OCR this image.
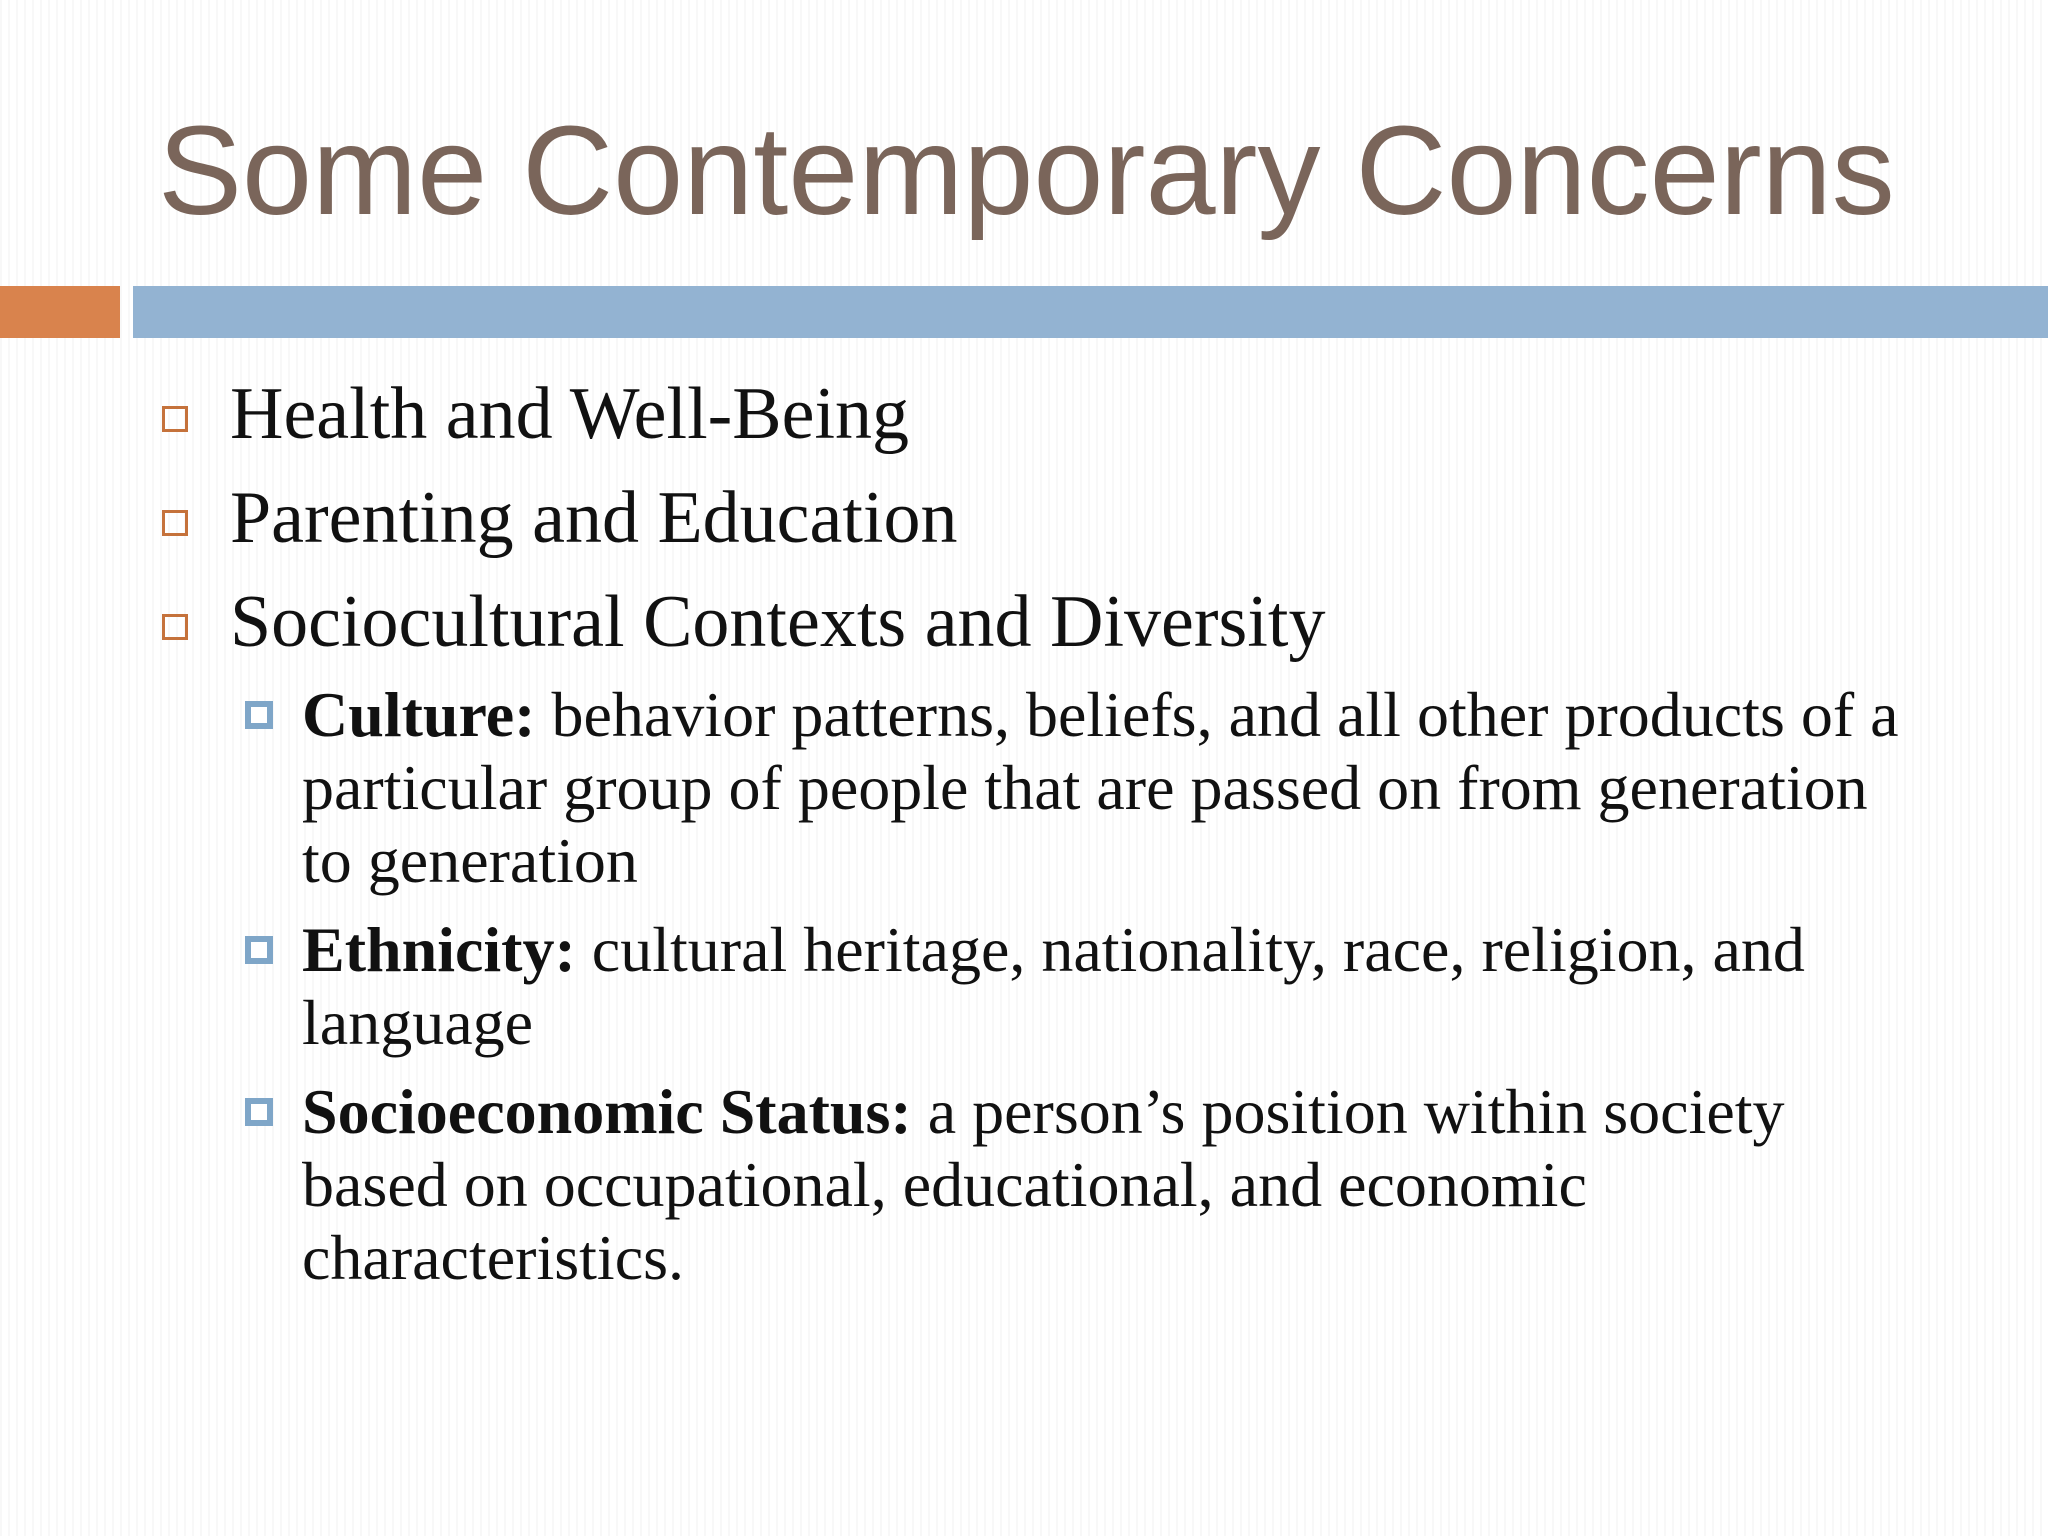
Some Contemporary Concerns
Health and Well-Being
Parenting and Education
Sociocultural Contexts and Diversity
Culture: behavior patterns, beliefs, and all other products of a particular group of people that are passed on from generation to generation
Ethnicity: cultural heritage, nationality, race, religion, and language
Socioeconomic Status: a person’s position within society based on occupational, educational, and economic characteristics.
